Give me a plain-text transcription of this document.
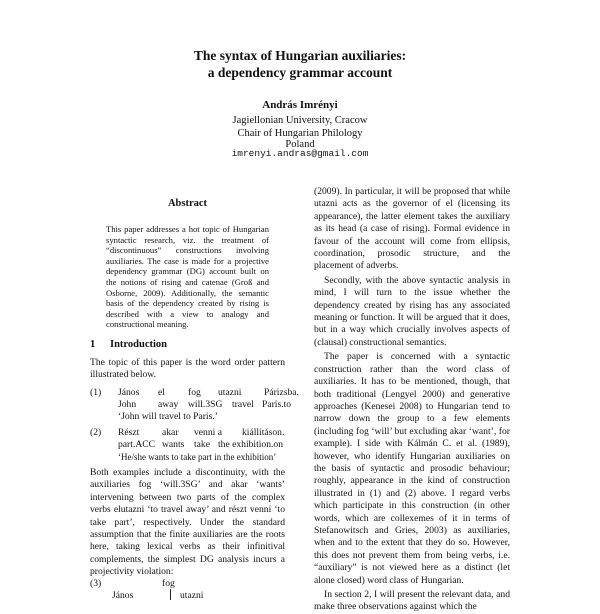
The syntax of Hungarian auxiliaries:
a dependency grammar account
András Imrényi
Jagiellonian University, Cracow
Chair of Hungarian Philology
Poland
imrenyi.andras@gmail.com
Abstract
This paper addresses a hot topic of Hungarian syntactic research, viz. the treatment of “discontinuous” constructions involving auxiliaries. The case is made for a projective dependency grammar (DG) account built on the notions of rising and catenae (Groß and Osborne, 2009). Additionally, the semantic basis of the dependency created by rising is described with a view to analogy and constructional meaning.
1 Introduction
The topic of this paper is the word order pattern illustrated below.
(1) János el fog utazni Párizsba.
John away will.3SG travel Paris.to
‘John will travel to Paris.’
(2) Részt akar venni a kiállításon.
part.ACC wants take the exhibition.on
‘He/she wants to take part in the exhibition’
Both examples include a discontinuity, with the auxiliaries fog ‘will.3SG’ and akar ‘wants’ intervening between two parts of the complex verbs elutazni ‘to travel away’ and részt venni ‘to take part’, respectively. Under the standard assumption that the finite auxiliaries are the roots here, taking lexical verbs as their infinitival complements, the simplest DG analysis incurs a projectivity violation:
(3)	fog
János	utazni

(2009). In particular, it will be proposed that while utazni acts as the governor of el (licensing its appearance), the latter element takes the auxiliary as its head (a case of rising). Formal evidence in favour of the account will come from ellipsis, coordination, prosodic structure, and the placement of adverbs.

Secondly, with the above syntactic analysis in mind, I will turn to the issue whether the dependency created by rising has any associated meaning or function. It will be argued that it does, but in a way which crucially involves aspects of (clausal) constructional semantics.

The paper is concerned with a syntactic construction rather than the word class of auxiliaries. It has to be mentioned, though, that both traditional (Lengyel 2000) and generative approaches (Kenesei 2008) to Hungarian tend to narrow down the group to a few elements (including fog ‘will’ but excluding akar ‘want’, for example). I side with Kálmán C. et al. (1989), however, who identify Hungarian auxiliaries on the basis of syntactic and prosodic behaviour; roughly, appearance in the kind of construction illustrated in (1) and (2) above. I regard verbs which participate in this construction (in other words, which are collexemes of it in terms of Stefanowitsch and Gries, 2003) as auxiliaries, when and to the extent that they do so. However, this does not prevent them from being verbs, i.e. “auxiliary” is not viewed here as a distinct (let alone closed) word class of Hungarian.

In section 2, I will present the relevant data, and make three observations against which the
